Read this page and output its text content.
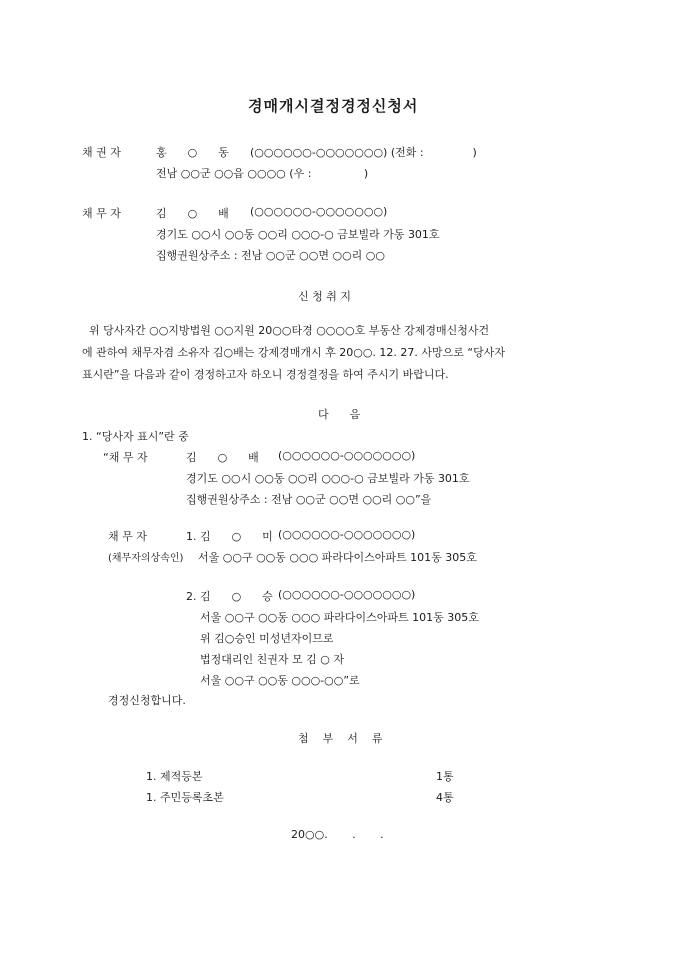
경매개시결정경정신청서
채 권 자	홍      ○      동 (○○○○○○-○○○○○○○) (전화 :              )
전남 ○○군 ○○읍 ○○○○ (우 :               )
채 무 자	김      ○      배 (○○○○○○-○○○○○○○)
경기도 ○○시 ○○동 ○○리 ○○○-○ 금보빌라 가동 301호
집행권원상주소 : 전남 ○○군 ○○면 ○○리 ○○
신 청 취 지

위 당사자간 ○○지방법원 ○○지원 20○○타경 ○○○○호 부동산 강제경매신청사건

에 관하여 채무자겸 소유자 김○배는 강제경매개시 후 20○○. 12. 27. 사망으로 “당사자

표시란”을 다음과 같이 경정하고자 하오니 경정결정을 하여 주시기 바랍니다.

다      음
1. “당사자 표시”란 중
“채 무 자	김      ○      배 (○○○○○○-○○○○○○○)
경기도 ○○시 ○○동 ○○리 ○○○-○ 금보빌라 가동 301호
집행권원상주소 : 전남 ○○군 ○○면 ○○리 ○○”을
채 무 자	1. 김      ○      미 (○○○○○○-○○○○○○○)
(채무자의상속인) 서울 ○○구 ○○동 ○○○ 파라다이스아파트 101동 305호
2. 김      ○      승 (○○○○○○-○○○○○○○)
서울 ○○구 ○○동 ○○○ 파라다이스아파트 101동 305호
위 김○승인 미성년자이므로
법정대리인 친권자 모 김 ○ 자
서울 ○○구 ○○동 ○○○-○○”로
경정신청합니다.
첨    부    서    류
1. 제적등본	1통
1. 주민등록초본	4통
20○○.       .       .
